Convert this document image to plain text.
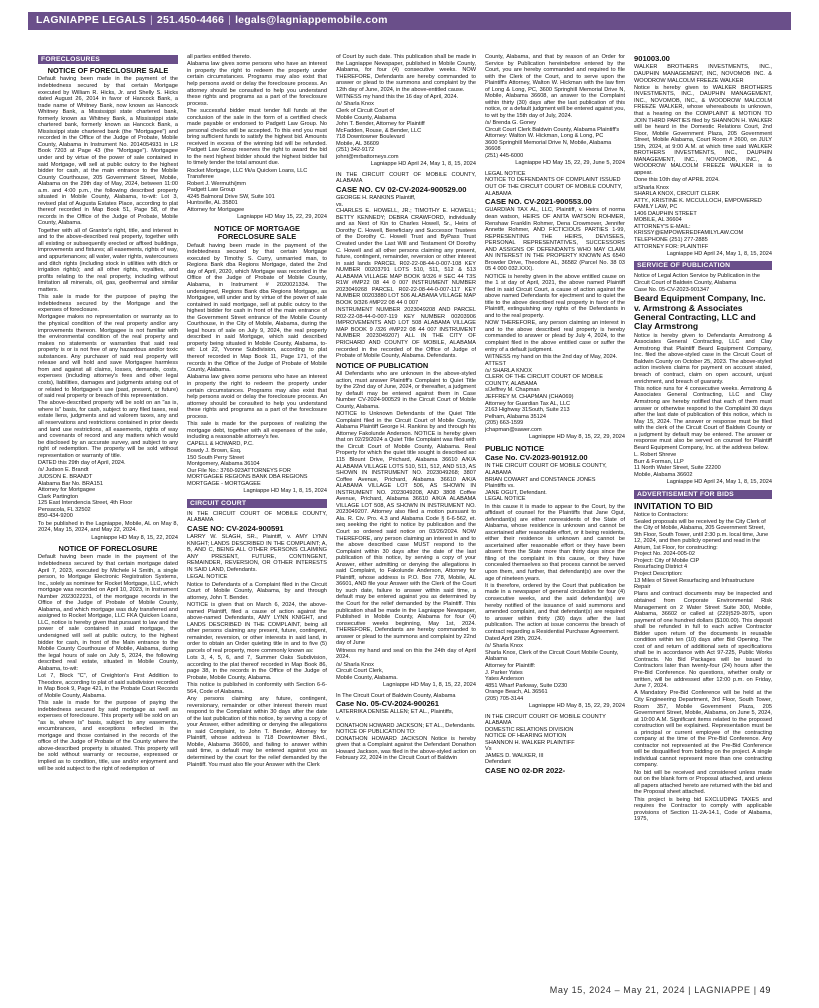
LAGNIAPPE LEGALS | 251.450-4466 | legals@lagniappemobile.com
FORECLOSURES
NOTICE OF FORECLOSURE SALE

Default having been made in the payment of the indebtedness secured by that certain Mortgage executed by William R. Hicks, Jr. and Shelly S. Hicks dated August 26, 2014 in favor of Hancock Bank, a trade name of Whitney Bank, now known as Hancock Whitney Bank, a Mississippi state chartered bank, formerly known as Whitney Bank, a Mississippi state chartered bank, formerly known as Hancock Bank, a Mississippi state chartered bank (the "Mortgagee") and recorded in the Office of the Judge of Probate, Mobile County, Alabama in Instrument No. 2014054931 in LR Book 7203 at Page 43 (the "Mortgage"). Mortgagee under and by virtue of the power of sale contained in said Mortgage, will sell at public outcry to the highest bidder for cash, at the main entrance to the Mobile County Courthouse, 205 Government Street, Mobile, Alabama on the 29th day of May, 2024, between 11:00 a.m. and 4:00 p.m., the following described property situated in Mobile County, Alabama, to-wit: Lot 3, revised plat of Augusta Estates Place, according to plat thereof recorded in Map Book 51, Page 58, of the records in the Office of the Judge of Probate, Mobile County, Alabama.

Together with all of Grantor's right, title, and interest in and to the above-described real property, together with all existing or subsequently erected or affixed buildings, improvements and fixtures; all easements, rights of way, and appurtenances; all water, water rights, watercourses and ditch rights (including stock in utilities with ditch or irrigation rights); and all other rights, royalties, and profits relating to the real property, including without limitation all minerals, oil, gas, geothermal and similar matters.

This sale is made for the purpose of paying the indebtedness secured by the Mortgage and the expenses of foreclosure.

Mortgagee makes no representation or warranty as to the physical condition of the real property and/or any improvements thereon. Mortgagee is not familiar with the environmental condition of the real property and makes no statements or warranties that said real property is or is not free of any hazardous and/or toxic substances. Any purchaser of said real property will release and will hold and save Mortgagee harmless from and against all claims, losses, demands, costs, expenses (including attorney's fees and other legal costs), liabilities, damages and judgments arising out of or related to Mortgagee's use (past, present, or future) of said real property or breach of this representation.

The above-described property will be sold on an "as is, where is" basis, for cash, subject to any filed taxes, real estate liens, judgments and ad valorem taxes, any and all reservations and restrictions contained in prior deeds and land use restrictions, all easements, rights of way and covenants of record and any matters which would be disclosed by an accurate survey, and subject to any right of redemption. The property will be sold without representation or warranty of title.

DATED this 29th day of April, 2024.

/s/ Judson E. Brandt
JUDSON E. BRANDT
Alabama Bar No. BRA151
Attorney for Mortgagee
Clark Partington
125 East Intendencia Street, 4th Floor
Pensacola, FL 32502
850-434-9200

To be published in the Lagniappe, Mobile, AL on May 8, 2024, May 15, 2024, and May 22, 2024.

Lagniappe HD May 8, 15, 22, 2024
NOTICE OF FORECLOSURE

Default having been made in the payment of the indebtedness secured by that certain mortgage dated April 7, 2023, executed by Michele H Smith, a single person, to Mortgage Electronic Registration Systems, Inc., solely as nominee for Rocket Mortgage, LLC, which mortgage was recorded on April 10, 2023, in Instrument Number 2023022231, of the mortgage records in the Office of the Judge of Probate of Mobile County, Alabama, and which mortgage was duly transferred and assigned to Rocket Mortgage, LLC FKA Quicken Loans, LLC, notice is hereby given that pursuant to law and the power of sale contained in said mortgage, the undersigned will sell at public outcry, to the highest bidder for cash, in front of the Main entrance to the Mobile County Courthouse of Mobile, Alabama, during the legal hours of sale on July 5, 2024, the following described real estate, situated in Mobile County, Alabama, to-wit:

Lot 7, Block "C", of Creighton's First Addition to Theodore, according to plat of said subdivision recorded in Map Book 9, Page 421, in the Probate Court Records of Mobile County, Alabama.

This sale is made for the purpose of paying the indebtedness secured by said mortgage as well as expenses of foreclosure. This property will be sold on an "as is, where is" basis, subject to any easements, encumbrances, and exceptions reflected in the mortgage and those contained in the records of the office of the Judge of Probate of the County where the above-described property is situated. This property will be sold without warranty or recourse, expressed or implied as to condition, title, use and/or enjoyment and will be sold subject to the right of redemption of

all parties entitled thereto.

Alabama law gives some persons who have an interest in property the right to redeem the property under certain circumstances. Programs may also exist that help persons avoid or delay the foreclosure process. An attorney should be consulted to help you understand these rights and programs as a part of the foreclosure process.

The successful bidder must tender full funds at the conclusion of the sale in the form of a certified check made payable or endorsed to Padgett Law Group. No personal checks will be accepted. To this end you must bring sufficient funds to satisfy the highest bid. Amounts received in excess of the winning bid will be refunded. Padgett Law Group reserves the right to award the bid to the next highest bidder should the highest bidder fail to timely tender the total amount due.

Rocket Mortgage, LLC f/k/a Quicken Loans, LLC
Transferee
Robert J. Wermuth/jmm
Padgett Law Group
4245 Balmoral Drive SW, Suite 101
Huntsville, AL 35801
Attorney for Mortgagee

Lagniappe HD May 15, 22, 29, 2024
NOTICE OF MORTGAGE FORECLOSURE SALE

Default having been made in the payment of the indebtedness secured by that certain Mortgage executed by Timothy S. Curry, unmarried man, to Regions Bank dba Regions Mortgage, dated the 2nd day of April, 2020, which Mortgage was recorded in the Office of the Judge of Probate of Mobile County, Alabama, in Instrument # 2020021334. The undersigned, Regions Bank dba Regions Mortgage, as Mortgagee, will under and by virtue of the power of sale contained in said mortgage, sell at public outcry to the highest bidder for cash in front of the main entrance of the Government Street entrance of the Mobile County Courthouse, in the City of Mobile, Alabama, during the legal hours of sale on July 9, 2024, the real property described in said Mortgage, which said described property being situated in Mobile County, Alabama, to-wit: Lot 22, Yvonne Subdivision, according to plat thereof recorded in Map Book 11, Page 171, of the records in the Office of the Judge of Probate of Mobile County, Alabama.

Alabama law gives some persons who have an interest in property the right to redeem the property under certain circumstances. Programs may also exist that help persons avoid or delay the foreclosure process. An attorney should be consulted to help you understand these rights and programs as a part of the foreclosure process.

This sale is made for the purposes of realizing the mortgage debt, together with all expenses of the sale, including a reasonable attorney's fee.

CAPELL & HOWARD, P.C.
Bowdy J. Brown, Esq.
150 South Perry Street
Montgomery, Alabama 36104
Our File No.: 3760-923ATTORNEYS FOR MORTGAGEE REGIONS BANK DBA REGIONS MORTGAGE - MORTGAGEE

Lagniappe HD May 1, 8, 15, 2024
CIRCUIT COURT

IN THE CIRCUIT COURT OF MOBILE COUNTY, ALABAMA

CASE NO: CV-2024-900591

LARRY W. SLAGH, SR., Plaintiff, v. AMY LYNN KNIGHT; LANDS DESCRIBED IN THE COMPLAINT; A, B, AND C, BEING ALL OTHER PERSONS CLAIMING ANY PRESENT, FUTURE, CONTINGENT, REMAINDER, REVERSION, OR OTHER INTERESTS IN SAID LAND, Defendants.

LEGAL NOTICE

Notice to Defendants of a Complaint filed in the Circuit Court of Mobile County, Alabama, by and through attorney, John T. Bender.

NOTICE is given that on March 6, 2024, the above-named Plaintiff, filed a cause of action against the above-named Defendants, AMY LYNN KNIGHT, and LANDS DESCRIBED IN THE COMPLAINT, being all other persons claiming any present, future, contingent, remainder, reversion, or other interests in said land, in order to obtain an Order quieting title in and to five (5) parcels of real property, more commonly known as:

Lots 3, 4, 5, 6, and 7, Summer Oaks Subdivision, according to the plat thereof recorded in Map Book 86, page 38, in the records in the Office of the Judge of Probate, Mobile County, Alabama.

This notice is published in conformity with Section 6-6-564, Code of Alabama.

Any persons claiming any future, contingent, reversionary, remainder or other interest therein must respond to the Complaint within 30 days after the date of the last publication of this notice, by serving a copy of your Answer, either admitting or denying the allegations in said Complaint, to John T. Bender, Attorney for Plaintiff, whose address is 718 Downtowner Blvd., Mobile, Alabama 36609, and failing to answer within said time, a default may be entered against you as determined by the court for the relief demanded by the Plaintiff. You must also file your Answer with the Clerk

of Court by such date. This publication shall be made in the Lagniappe Newspaper, published in Mobile County, Alabama, for four (4) consecutive weeks. NOW THEREFORE, Defendants are hereby commanded to answer or plead to the summons and complaint by the 12th day of June, 2024, in the above-entitled cause.

WITNESS my hand this the 16 day of April, 2024.

/s/ Sharla Knox
Clerk of Circuit Court of
Mobile County, Alabama
John T. Bender, Attorney for Plaintiff
McFadden, Rouse, & Bender, LLC
718 Downtowner Boulevard
Mobile, AL 36609
(251) 342-9172
johnt@mrbattorneys.com

Lagniappe HD April 24, May 1, 8, 15, 2024

IN THE CIRCUIT COURT OF MOBILE COUNTY, ALABAMA

CASE NO. CV 02-CV-2024-900529.00

GEORGE H. RANKINS Plaintiff,
vs.
CHARLES E. HOWELL, JR.; TIMOTHY E. HOWELL; BETTY KENNEDY; DEBRA CRAWFORD, individually and as Next of Kin to Charles Howell, Sr., Heirs of Dorothy C. Howell, Beneficiary and Successor Trustees of the Dorothy C. Howell Trust and ByPass Trust Created under the Last Will and Testament Of Dorothy C. Howell and all other persons claiming any present, future, contingent, remainder, reversion or other interest in said lands PARCEL R02-22-08-44-0-007-108 KEY NUMBER 00203791 LOTS 510, 511, 512 & 513 ALABAMA VILLAGE MAP BOOK 9/326 # SEC 44 T3S R1W #MP22 08 44 0 007 INSTRUMENT NUMBER 2023049268 PARCEL R02-22-08-44-0-007-117 KEY NUMBER 00203880 LOT 506 ALABAMA VILLAGE MAP BOOK 9/326 #MP22 08 44 0 007

INSTRUMENT NUMBER 2023049208 AND PARCEL R02-22-08-44-0-007-119 KEY NUMBER 00203906 IMPROVEMENTS AND LOT 508 ALABAMA VILLAGE MAP BOOK 9 /326 #MP22 08 44 007 INSTRUMENT NUMBER 2023049207) ALL IN THE CITY OF PRICHARD AND COUNTY OF MOBILE, ALABAMA recorded in the recorded of the Office of Judge of Probate of Mobile County, Alabama. Defendants.

NOTICE OF PUBLICATION

All Defendants who are unknown in the above-styled action, must answer Plaintiff's Complaint to Quiet Title by the 22nd day of June, 2024, or thereafter, a judgment by default may be entered against them in Case Number CV-2024-900529 in the Circuit Court of Mobile County, Alabama.

NOTICE to Unknown Defendants of the Quiet Title Complaint filed in the Circuit Court of Mobile County, Alabama Plaintiff George H. Rankins by and through his Attorney Fakolunde Anderson. NOTICE is hereby given that on 02/29/2024 a Quiet Title Complaint was filed with the Circuit Court of Mobile County, Alabama. Real Property for which the quiet title sought is described as: 115 Blount Drive, Prichard, Alabama 36610 A/K/A ALABAMA VILLAGE LOTS 510, 511, 512, AND 513, AS SHOWN IN INSTRUMENT NO. 2023049268; 3807 Coffee Avenue, Prichard, Alabama 36610 A/K/A ALABAMA VILLAGE LOT 506, AS SHOWN IN INSTRUMENT NO. 2023049208, AND 3808 Coffee Avenue, Prichard, Alabama 36610 A/K/A ALABAMA VILLAGE LOT 508, AS SHOWN IN INSTRUMENT NO. 2023049207. Attorney also filed a motion pursuant to Ala. R. Civ. Pro. 4.3 and Alabama Code § 6-6-562, et. seq seeking the right to notice by publication and the Court so ordered said notice on 03/26/2024. NOW THEREFORE, any person claiming an interest in and to the above described case MUST respond to the Complaint within 30 days after the date of the last publication of this notice, by serving a copy of your Answer, either admitting or denying the allegations in said Complaint, to Fakolunde Anderson, Attorney for Plaintiff, whose address is P.O. Box 778, Mobile, AL 36601, AND file your Answer with the Clerk of the Court by such date, failure to answer within said time, a default may be entered against you as determined by the Court for the relief demanded by the Plaintiff. This publication shall be made in the Lagniappe Newspaper, Published in Mobile County, Alabama for four (4) consecutive weeks beginning, May 1st, 2024. THEREFORE, Defendants are hereby commanded to answer or plead to the summons and complaint by 22nd day of June

Witness my hand and seal on this the 24th day of April 2024.

/s/ Sharla Knox
Circuit Court Clerk,
Mobile County, Alabama.

Lagniappe HD May 1, 8, 15, 22, 2024

In The Circuit Court of Baldwin County, Alabama

Case No. 05-CV-2024-900261

LATERRIKA DENISE ALLEN; ET AL., Plaintiffs,
v.
DONATHON HOWARD JACKSON; ET AL., Defendants.
NOTICE OF PUBLICATION TO:
DONATHON HOWARD JACKSON Notice is hereby given that a Complaint against the Defendant Donathon Howard Jackson, was filed in the above-styled action on February 22, 2024 in the Circuit Court of Baldwin

County, Alabama, and that by reason of an Order for Service by Publication hereinbefore entered by the Court, you are hereby commanded and required to file with the Clerk of the Court, and to serve upon the Plaintiff's Attorney, Walton W. Hickman with the law firm of Long & Long, PC, 3600 Springhill Memorial Drive N, Mobile, Alabama 36608, an answer to the Complaint within thirty (30) days after the last publication of this notice, or a default judgment will be entered against you, to wit by the 15th day of July, 2024.

/s/ Brenda G. Goney
Circuit Court Clerk Baldwin County, Alabama Plaintiff's Attorney: Walton W. Hickman, Long & Long, PC
3600 Springhill Memorial Drive N, Mobile, Alabama 36608
(251) 445-6000

Lagniappe HD May 15, 22, 29, June 5, 2024

LEGAL NOTICE
NOTICE TO DEFENDANTS OF COMPLAINT ISSUED OUT OF THE CIRCUIT COURT OF MOBILE COUNTY, ALABAMA

CASE NO. CV-2021-900553.00

GUARDIAN TAX AL, LLC, Plaintiff, v. Heirs of norma dean watson, HEIRS OF ANITA WATSON ROHMER, Renshaw Franklin Rohmer, Dena Crowmover, Jennifer Annette Rohmer, AND FICTICIOUS PARTIES 1-99, REPRESENTING THE HEIRS, DEVISEES, PERSONAL REPRESENTATIVES, SUCCESSORS AND ASSIGNS OF DEFENDANTS WHO MAY CLAIM AN INTEREST IN THE PROPERTY KNOWN AS 6540 Browder Drive, Theodore AL, 36582 (Parcel No. 38 03 05 4 000 032.XXX).

NOTICE is hereby given in the above entitled cause on the 1 st day of April, 2021, the above named Plaintiff filed in said Circuit Court, a cause of action against the above named Defendants for ejectment and to quiet the title to the above described real property in favor of the Plaintiff, extinguishing any rights of the Defendants in and to the real property.

NOW THEREFORE, any person claiming an interest in and to the above described real property is hereby commanded to answer or plead by July 4, 2024, to the complaint filed in the above entitled case or suffer the entry of a default judgment.

WITNESS my hand on this the 2nd day of May, 2024.

ATTEST
/s/ SHARLA KNOX
CLERK OF THE CIRCUIT COURT OF MOBILE COUNTY, ALABAMA
s/Jeffrey M. Chapman
JEFFREY M. CHAPMAN (CHA069)
Attorney for Guardian Tax AL, LLC
2163 Highway 31South, Suite 213
Pelham, Alabama 35124
(205) 663-1599
jchapman@sawer.com

Lagniappe HD May 8, 15, 22, 29, 2024
PUBLIC NOTICE
Case No. CV-2023-901912.00

IN THE CIRCUIT COURT OF MOBILE COUNTY, ALABAMA
BRIAN COWART and CONSTANCE JONES
Plaintiffs vs.
JANE OGUT, Defendant.
LEGAL NOTICE

In this cause it is made to appear to the Court, by the affidavit of counsel for the Plaintiffs that Jane Ogut, defendant(s) are either nonresidents of the State of Alabama, whose residence is unknown and cannot be ascertained after reasonable effort, or it being residents, either their residence is unknown and cannot be ascertained after reasonable effort or they have been absent from the State more than thirty days since the filing of the complaint in this cause, or they have concealed themselves so that process cannot be served upon them, and further, that defendant(s) are over the age of nineteen years.

It is therefore, ordered by the Court that publication be made in a newspaper of general circulation for four (4) consecutive weeks, and the said defendant(s) are hereby notified of the issuance of said summons and amended complaint, and that defendant(s) are required to answer within thirty (30) days after the last publication. The action at issue concerns the breach of contract regarding a Residential Purchase Agreement.

Dated April 29th, 2024.

/s/ Sharla Knox
Sharla Knox, Clerk of the Circuit Court Mobile County, Alabama
Attorney for Plaintiff:
J. Parker Yates
Yates Anderson
4851 Wharf Parkway, Suite D230
Orange Beach, AL 36561
(205) 705-3144

Lagniappe HD May 8, 15, 22, 29, 2024

IN THE CIRCUIT COURT OF MOBILE COUNTY ALABAMA
DOMESTIC RELATIONS DIVISION
NOTICE OF HEARING MOTION
SHANNON H. WALKER PLAINTIFF
Vs
JAMES D. WALKER, III
Defendant

CASE NO 02-DR 2022-
901003.00

WALKER BROTHERS INVESTMENTS, INC., DAUPHIN MANAGEMENT, INC, NOVOMOB INC. & WOODROW MALCOLM FREEZE WALKER

Notice is hereby given to WALKER BROTHERS INVESTMENTS, INC., DAUPHIN MANAGEMENT, INC., NOVOMOB, INC., & WOODROW MALCOLM FREEZE WALKER, whose whereabouts is unknown, that a hearing on the COMPLAINT & MOTION TO JOIN THIRD PARTIES filed by SHANNON H. WALKER will be heard in the Domestic Relations Court, 2nd Floor, Mobile Government Plaza, 205 Government Street, Mobile Alabama, Court Room # 2600, on JULY 15th, 2024, at 9:00 A.M. at which time said WALKER BROTHERS INVESTMENTS, INC., DAUPHIN MANAGEMENT, INC., NOVOMOB, INC., & WOODROW MALCOLM FREEZE WALKER is to appear.

Done this 10th day of APRIL 2024.

s/Sharla Knox
SHARLA KNOX, CIRCUIT CLERK
ATTY., KRISTINE K. MCCULLOCH, EMPOWERED FAMILY LAW, PC
1406 DAUPHIN STREET
MOBILE, AL 36604
ATTORNEY'S E-MAIL: KRISSY@EMPOWEREDFAMILYLAW.COM
TELEPHONE (251) 277-2885
ATTORNEY FOR: PLAINTIFF

Lagniappe HD April 24, May 1, 8, 15, 2024
SERVICE OF PUBLICATION

Notice of Legal Action Service by Publication in the Circuit Court of Baldwin County, Alabama
Case No. 05-CV-2023-901347

Beard Equipment Company, Inc. v. Armstrong & Associates General Contracting, LLC and Clay Armstrong

Notice is hereby given to Defendants Armstrong & Associates General Contracting, LLC and Clay Armstrong that Plaintiff Beard Equipment Company, Inc. filed the above-styled case in the Circuit Court of Baldwin County on October 25, 2023. The above-styled action involves claims for payment on account stated, breach of contract, claim on open account, unjust enrichment, and breach of guaranty.

This notice runs for 4 consecutive weeks. Armstrong & Associates General Contracting, LLC and Clay Armstrong are hereby notified that each of them must answer or otherwise respond to the Complaint 30 days after the last date of publication of this notice, which is May 15, 2024. The answer or response must be filed with the clerk of the Circuit Court of Baldwin County or a judgment by default may be entered. The answer or response must also be served on counsel for Plaintiff Beard Equipment Company, Inc. at the address below.

L. Robert Shreve
Burr & Forman, LLP
11 North Water Street, Suite 22200
Mobile, Alabama 36602

Lagniappe HD April 24, May 1, 8, 15, 2024
ADVERTISEMENT FOR BIDS
INVITATION TO BID

Notice to Contractors:
Sealed proposals will be received by the City Clerk of the City of Mobile, Alabama, 205 Government Street, 9th Floor, South Tower, until 2:30 p.m. local time, June 12, 2024, and then publicly opened and read in the Atrium, 1st Floor, for constructing:
Project No. 2024-005-02
Project: City of Mobile CIP
Resurfacing District 4
Project Description:
13 Miles of Street Resurfacing and Infrastructure Repair

Plans and contract documents may be inspected and obtained from Corporate Environmental Risk Management on 2 Water Street Suite 300, Mobile, Alabama, 36602 or called at (229)529-3975, upon payment of one hundred dollars ($100.00). This deposit shall be refunded in full to each active Contractor Bidder upon return of the documents in reusable condition within ten (10) days after Bid Opening. The cost of and return of additional sets of specifications shall be in accordance with Act 97-225, Public Works Contracts. No Bid Packages will be issued to Contractors later than twenty-four (24) hours after the Pre-Bid Conference. No questions, whether orally or written, will be addressed after 12:00 p.m. on Friday, June 7, 2024.

A Mandatory Pre-Bid Conference will be held at the City Engineering Department, 3rd Floor, South Tower, Room 357, Mobile Government Plaza, 205 Government Street, Mobile, Alabama, on June 5, 2024, at 10:00 A.M. Significant items related to the proposed construction will be explained. Representation must be a principal or current employee of the contracting company at the time of the Pre-Bid Conference. Any contractor not represented at the Pre-Bid Conference will be disqualified from bidding on the project. A single individual cannot represent more than one contracting company.

No bid will be received and considered unless made out on the blank form or Proposal attached, and unless all papers attached hereto are returned with the bid and the Proposal sheet attached.

This project is being bid EXCLUDING TAXES and requires the Contractor to comply with applicable provisions of Section 11-2A-14.1, Code of Alabama, 1975,

May 15, 2024 – May 21, 2024 | LAGNIAPPE | 49
